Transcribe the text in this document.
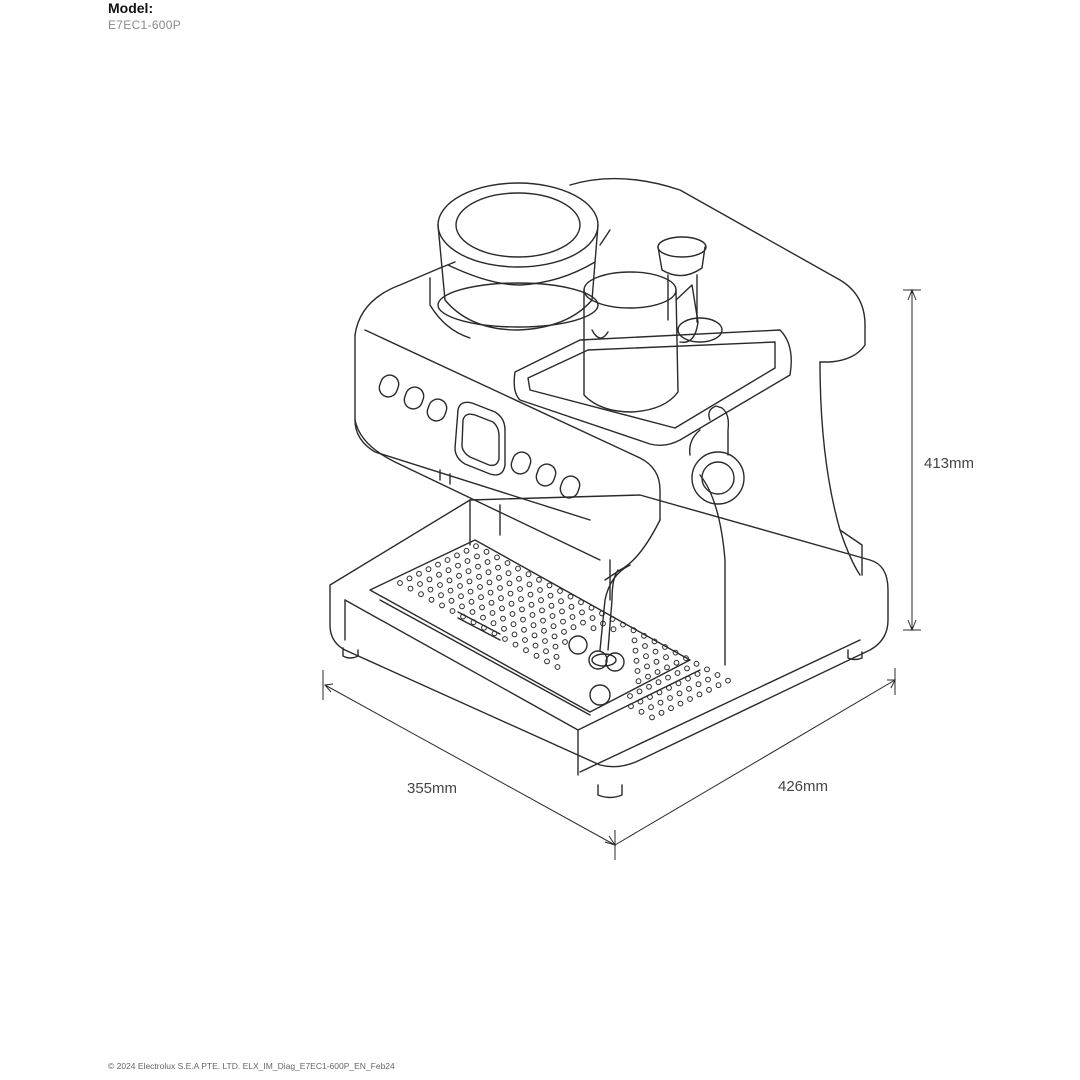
Model:
E7EC1-600P
413mm
355mm	426mm
© 2024 Electrolux S.E.A PTE. LTD. ELX_IM_Diag_E7EC1-600P_EN_Feb24
